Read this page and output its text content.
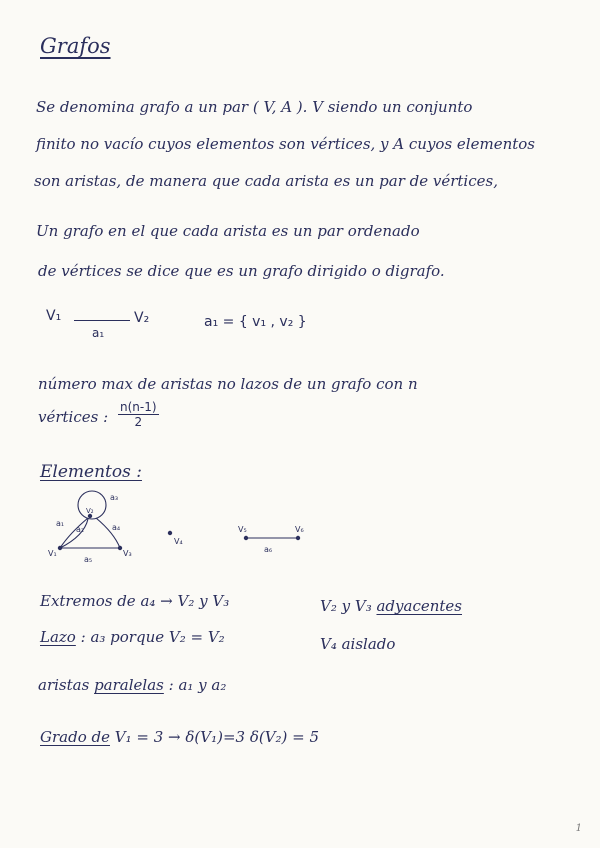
Grafos
Se denomina grafo a un par ( V, A ). V siendo un conjunto
finito no vacío cuyos elementos son vértices, y A cuyos elementos
son aristas, de manera que cada arista es un par de vértices,
Un grafo en el que cada arista es un par ordenado
de vértices se dice que es un grafo dirigido o digrafo.
V₁
a₁
V₂	a₁ = { v₁ , v₂ }
número max de aristas no lazos de un grafo con n
vértices : $\frac{n(n-1)}{2}$
Elementos :
a₃
a₁
a₂	a₄
a₅
V₁
V₂
V₃
V₄
V₅	V₆
a₆
Extremos de a₄ → V₂ y V₃	V₂ y V₃ adyacentes
Lazo : a₃ porque V₂ = V₂	V₄ aislado
aristas paralelas : a₁ y a₂
Grado de V₁ = 3 → δ(V₁)=3 δ(V₂) = 5
1
